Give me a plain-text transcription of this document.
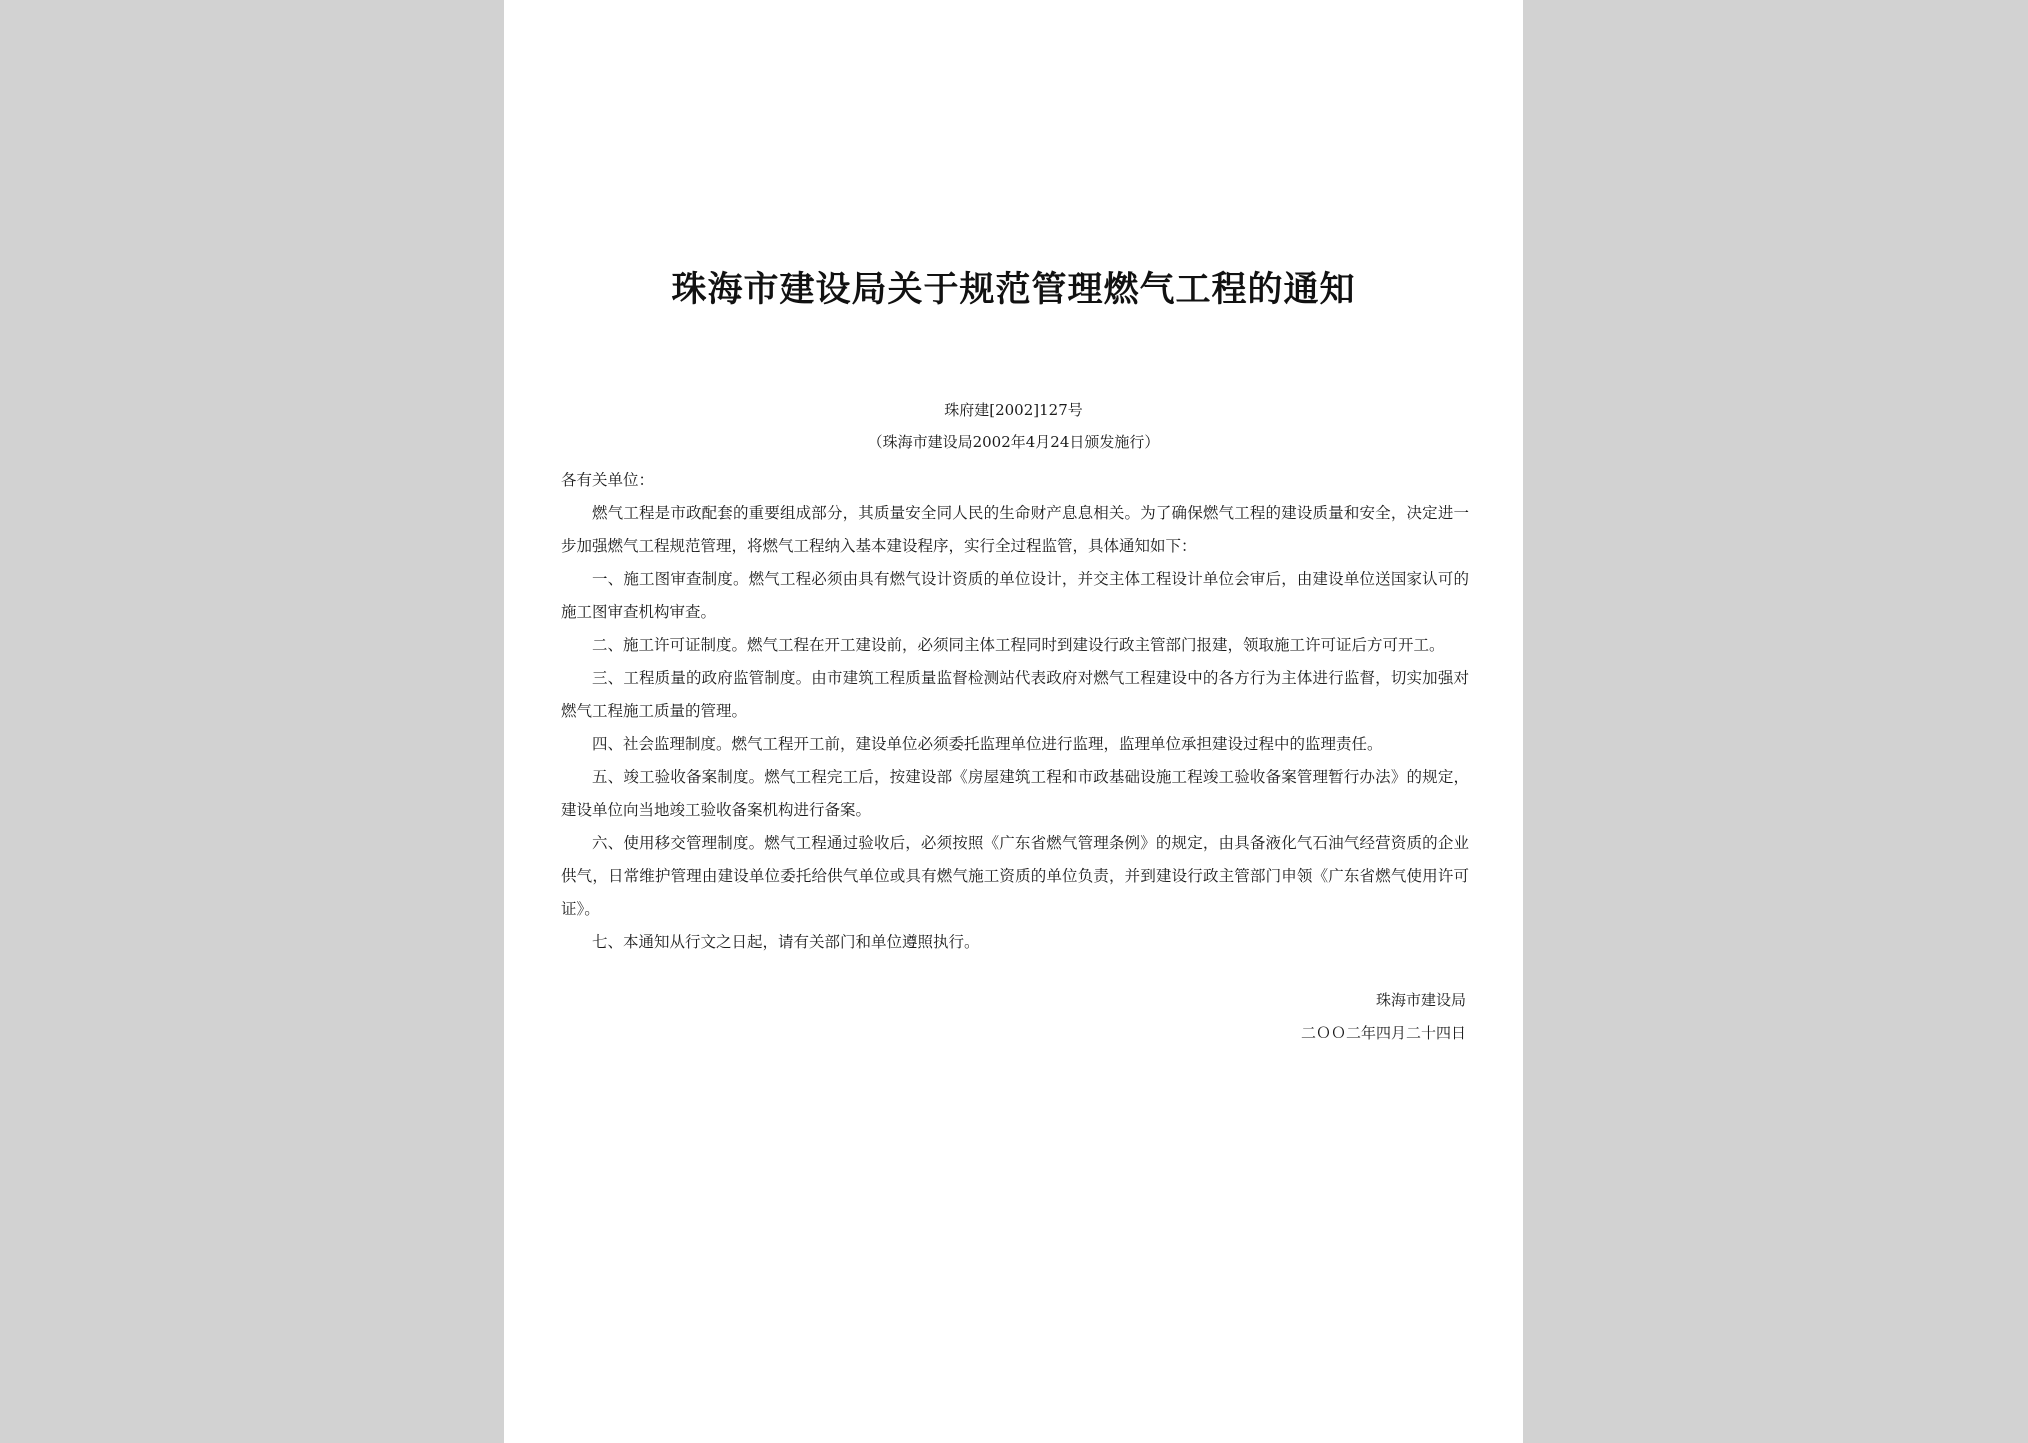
珠海市建设局关于规范管理燃气工程的通知
珠府建[2002]127号
（珠海市建设局2002年4月24日颁发施行）

各有关单位：

燃气工程是市政配套的重要组成部分，其质量安全同人民的生命财产息息相关。为了确保燃气工程的建设质量和安全，决定进一步加强燃气工程规范管理，将燃气工程纳入基本建设程序，实行全过程监管，具体通知如下：

一、施工图审查制度。燃气工程必须由具有燃气设计资质的单位设计，并交主体工程设计单位会审后，由建设单位送国家认可的施工图审查机构审查。

二、施工许可证制度。燃气工程在开工建设前，必须同主体工程同时到建设行政主管部门报建，领取施工许可证后方可开工。

三、工程质量的政府监管制度。由市建筑工程质量监督检测站代表政府对燃气工程建设中的各方行为主体进行监督，切实加强对燃气工程施工质量的管理。

四、社会监理制度。燃气工程开工前，建设单位必须委托监理单位进行监理，监理单位承担建设过程中的监理责任。

五、竣工验收备案制度。燃气工程完工后，按建设部《房屋建筑工程和市政基础设施工程竣工验收备案管理暂行办法》的规定，建设单位向当地竣工验收备案机构进行备案。

六、使用移交管理制度。燃气工程通过验收后，必须按照《广东省燃气管理条例》的规定，由具备液化气石油气经营资质的企业供气，日常维护管理由建设单位委托给供气单位或具有燃气施工资质的单位负责，并到建设行政主管部门申领《广东省燃气使用许可证》。

七、本通知从行文之日起，请有关部门和单位遵照执行。

珠海市建设局
二ＯＯ二年四月二十四日
